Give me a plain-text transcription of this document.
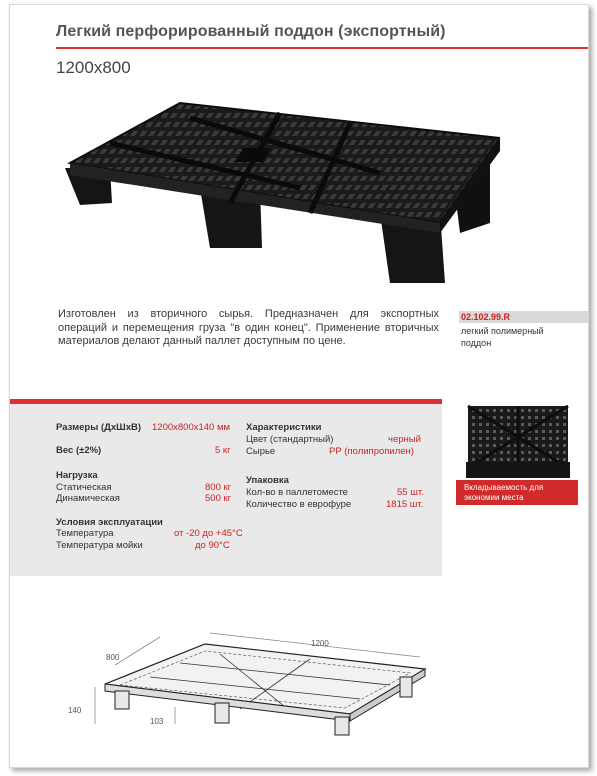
Легкий перфорированный поддон (экспортный)
1200x800
Изготовлен из вторичного сырья. Предназначен для экспортных операций и перемещения груза "в один конец". Применение вторичных материалов делают данный паллет доступным по цене.
02.102.99.R
легкий полимерный поддон
Размеры (ДхШхВ) 1200x800x140 мм
Вес (±2%)	5 кг
Нагрузка
Статическая	800 кг
Динамическая	500 кг
Условия эксплуатации
Температура	от -20 до +45°С
Температура мойки	до 90°С
Характеристики
Цвет (стандартный)	черный
Сырье	РР (полипропилен)
Упаковка
Кол-во в паллетоместе	55 шт.
Количество в еврофуре	1815 шт.
Вкладываемость для экономии места
800
1200
140
103
